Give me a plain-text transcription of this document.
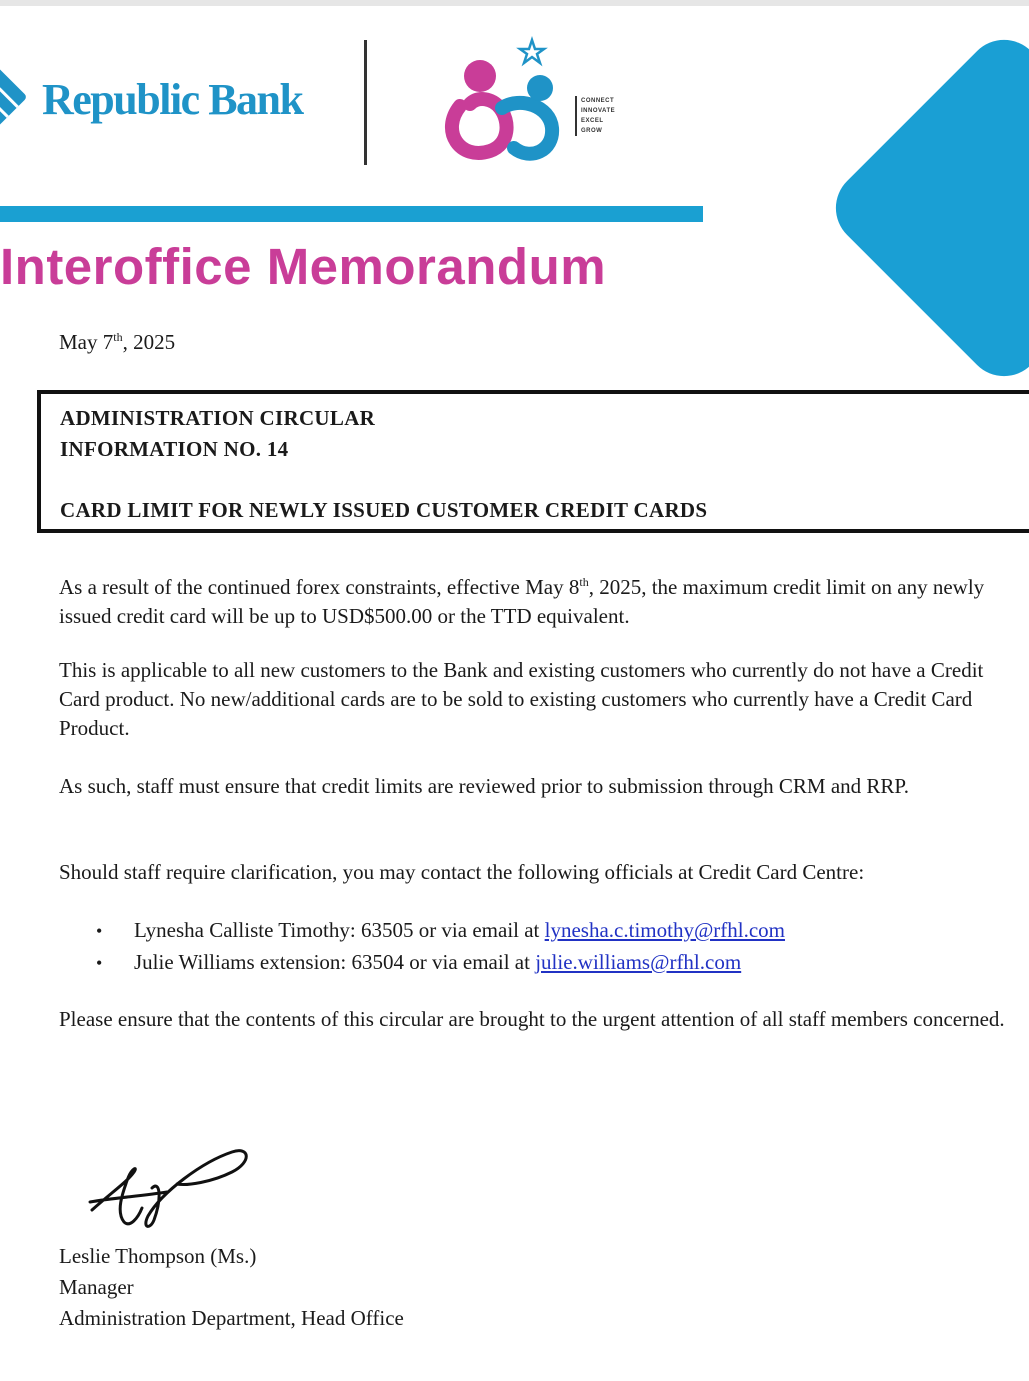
Republic Bank	CONNECT
INNOVATE
EXCEL
GROW
Interoffice Memorandum
May 7th, 2025
ADMINISTRATION CIRCULAR
INFORMATION NO. 14
CARD LIMIT FOR NEWLY ISSUED CUSTOMER CREDIT CARDS
As a result of the continued forex constraints, effective May 8th, 2025, the maximum credit limit on any newly issued credit card will be up to USD$500.00 or the TTD equivalent.
This is applicable to all new customers to the Bank and existing customers who currently do not have a Credit Card product. No new/additional cards are to be sold to existing customers who currently have a Credit Card Product.
As such, staff must ensure that credit limits are reviewed prior to submission through CRM and RRP.
Should staff require clarification, you may contact the following officials at Credit Card Centre:
• Lynesha Calliste Timothy: 63505 or via email at lynesha.c.timothy@rfhl.com
• Julie Williams extension: 63504 or via email at julie.williams@rfhl.com
Please ensure that the contents of this circular are brought to the urgent attention of all staff members concerned.
Leslie Thompson (Ms.)
Manager
Administration Department, Head Office
